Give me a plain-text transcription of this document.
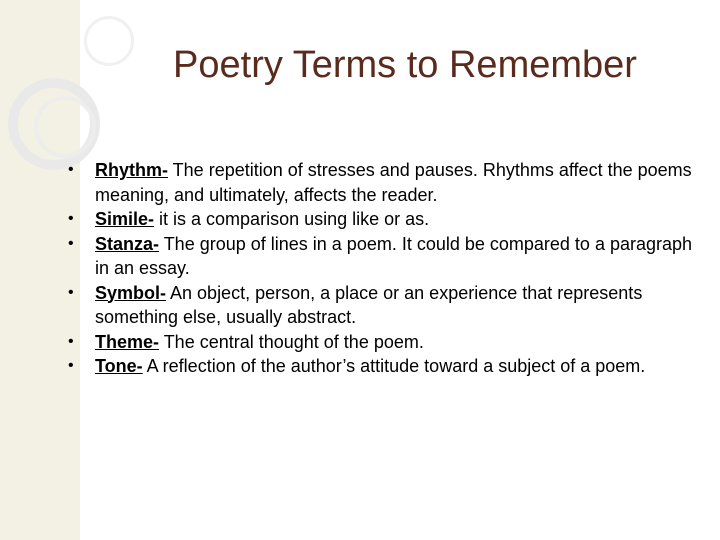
Poetry Terms to Remember
• Rhythm- The repetition of stresses and pauses. Rhythms affect the poems meaning, and ultimately, affects the reader.
• Simile- it is a comparison using like or as.
• Stanza- The group of lines in a poem. It could be compared to a paragraph in an essay.
• Symbol- An object, person, a place or an experience that represents something else, usually abstract.
• Theme- The central thought of the poem.
• Tone- A reflection of the author’s attitude toward a subject of a poem.
